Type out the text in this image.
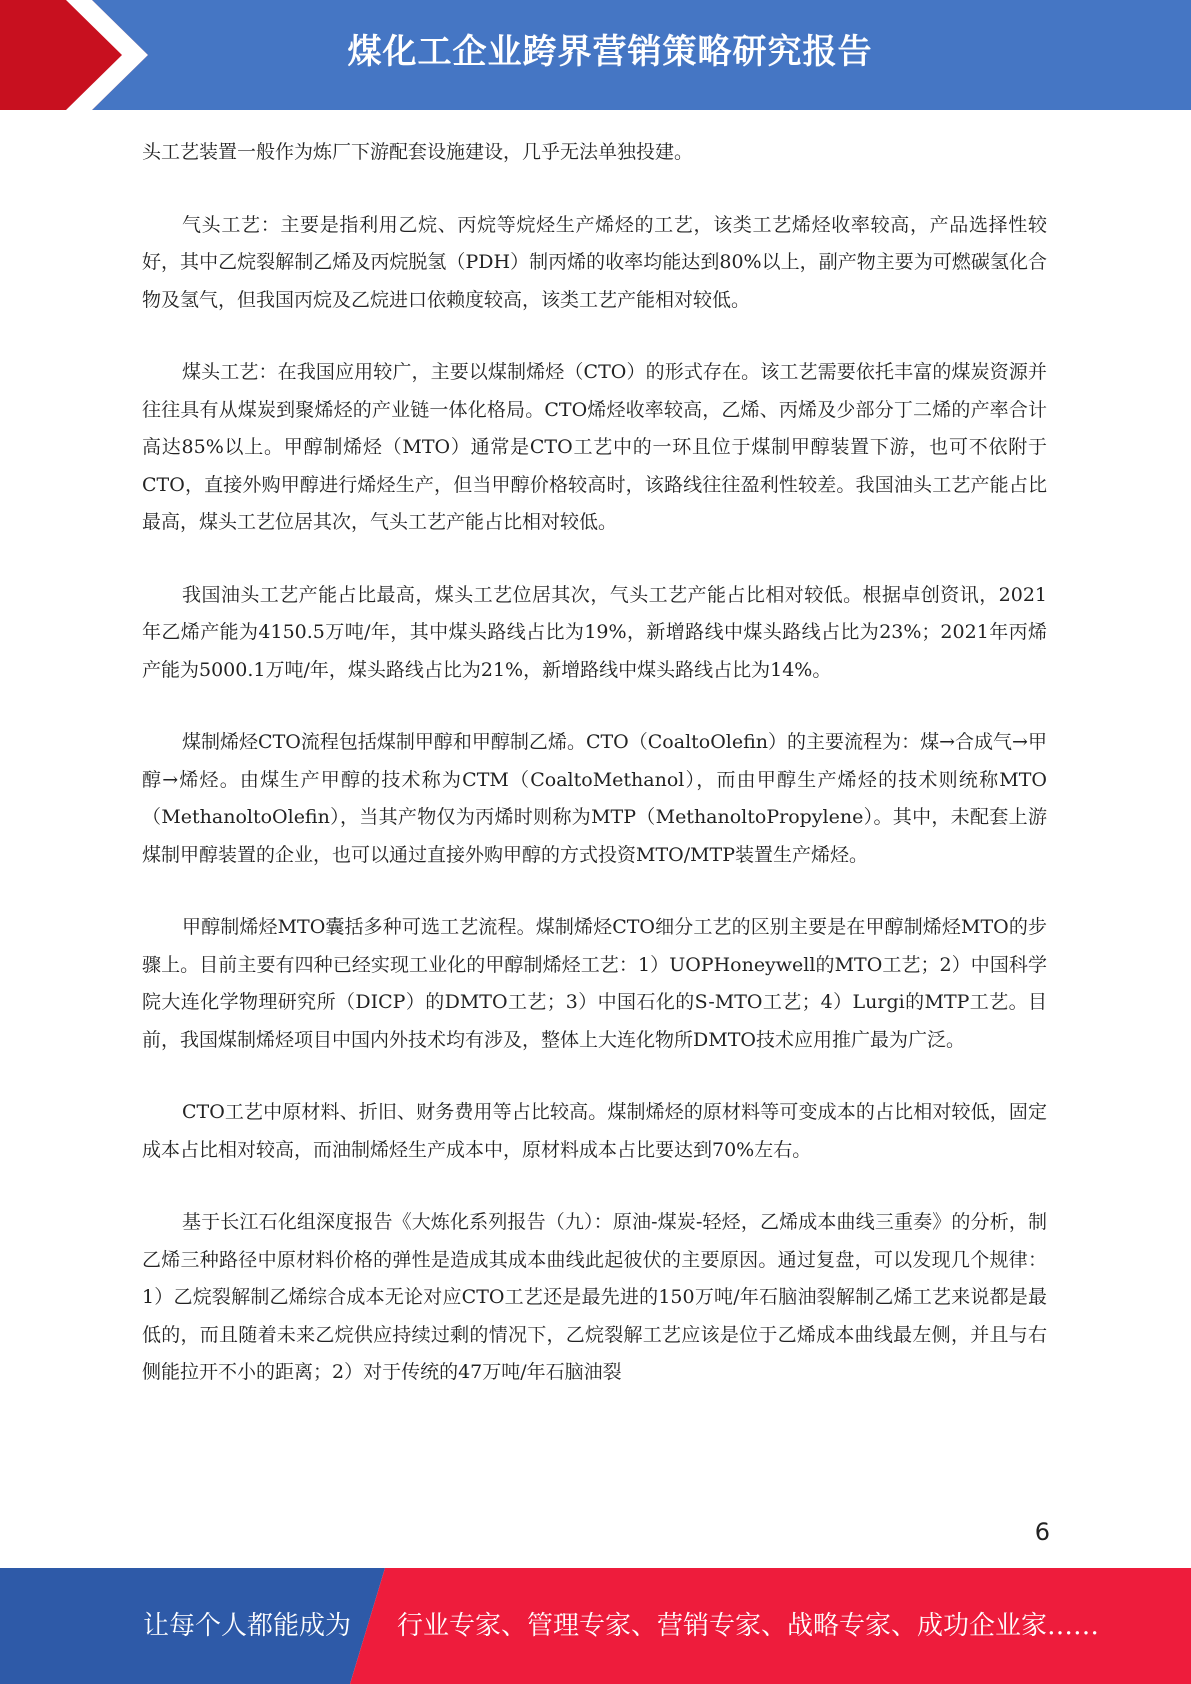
煤化工企业跨界营销策略研究报告

头工艺装置一般作为炼厂下游配套设施建设，几乎无法单独投建。

气头工艺：主要是指利用乙烷、丙烷等烷烃生产烯烃的工艺，该类工艺烯烃收率较高，产品选择性较好，其中乙烷裂解制乙烯及丙烷脱氢（PDH）制丙烯的收率均能达到80%以上，副产物主要为可燃碳氢化合物及氢气，但我国丙烷及乙烷进口依赖度较高，该类工艺产能相对较低。

煤头工艺：在我国应用较广，主要以煤制烯烃（CTO）的形式存在。该工艺需要依托丰富的煤炭资源并往往具有从煤炭到聚烯烃的产业链一体化格局。CTO烯烃收率较高，乙烯、丙烯及少部分丁二烯的产率合计高达85%以上。甲醇制烯烃（MTO）通常是CTO工艺中的一环且位于煤制甲醇装置下游，也可不依附于CTO，直接外购甲醇进行烯烃生产，但当甲醇价格较高时，该路线往往盈利性较差。我国油头工艺产能占比最高，煤头工艺位居其次，气头工艺产能占比相对较低。

我国油头工艺产能占比最高，煤头工艺位居其次，气头工艺产能占比相对较低。根据卓创资讯，2021年乙烯产能为4150.5万吨/年，其中煤头路线占比为19%，新增路线中煤头路线占比为23%；2021年丙烯产能为5000.1万吨/年，煤头路线占比为21%，新增路线中煤头路线占比为14%。

煤制烯烃CTO流程包括煤制甲醇和甲醇制乙烯。CTO（CoaltoOlefin）的主要流程为：煤→合成气→甲醇→烯烃。由煤生产甲醇的技术称为CTM（CoaltoMethanol），而由甲醇生产烯烃的技术则统称MTO（MethanoltoOlefin），当其产物仅为丙烯时则称为MTP（MethanoltoPropylene）。其中，未配套上游煤制甲醇装置的企业，也可以通过直接外购甲醇的方式投资MTO/MTP装置生产烯烃。

甲醇制烯烃MTO囊括多种可选工艺流程。煤制烯烃CTO细分工艺的区别主要是在甲醇制烯烃MTO的步骤上。目前主要有四种已经实现工业化的甲醇制烯烃工艺：1）UOPHoneywell的MTO工艺；2）中国科学院大连化学物理研究所（DICP）的DMTO工艺；3）中国石化的S-MTO工艺；4）Lurgi的MTP工艺。目前，我国煤制烯烃项目中国内外技术均有涉及，整体上大连化物所DMTO技术应用推广最为广泛。

CTO工艺中原材料、折旧、财务费用等占比较高。煤制烯烃的原材料等可变成本的占比相对较低，固定成本占比相对较高，而油制烯烃生产成本中，原材料成本占比要达到70%左右。

基于长江石化组深度报告《大炼化系列报告（九）：原油-煤炭-轻烃，乙烯成本曲线三重奏》的分析，制乙烯三种路径中原材料价格的弹性是造成其成本曲线此起彼伏的主要原因。通过复盘，可以发现几个规律：1）乙烷裂解制乙烯综合成本无论对应CTO工艺还是最先进的150万吨/年石脑油裂解制乙烯工艺来说都是最低的，而且随着未来乙烷供应持续过剩的情况下，乙烷裂解工艺应该是位于乙烯成本曲线最左侧，并且与右侧能拉开不小的距离；2）对于传统的47万吨/年石脑油裂

6
让每个人都能成为 行业专家、管理专家、营销专家、战略专家、成功企业家……
